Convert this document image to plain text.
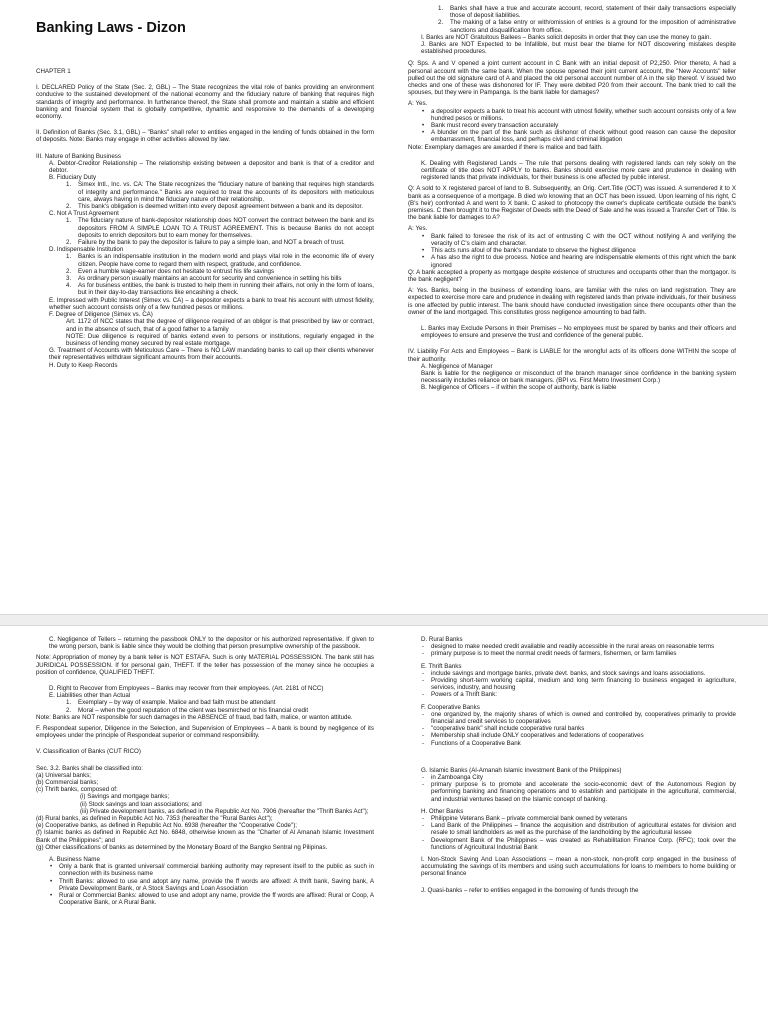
Banking Laws - Dizon

CHAPTER 1

I. DECLARED Policy of the State (Sec. 2, GBL) – The State recognizes the vital role of banks providing an environment conducive to the sustained development of the national economy and the fiduciary nature of banking that requires high standards of integrity and performance. In furtherance thereof, the State shall promote and maintain a stable and efficient banking and financial system that is globally competitive, dynamic and responsive to the demands of a developing economy.

II. Definition of Banks (Sec. 3.1, GBL) – "Banks" shall refer to entities engaged in the lending of funds obtained in the form of deposits. Note: Banks may engage in other activities allowed by law.

III. Nature of Banking Business
A. Debtor-Creditor Relationship – The relationship existing between a depositor and bank is that of a creditor and debtor.
B. Fiduciary Duty
1.	Simex Intl., Inc. vs. CA: The State recognizes the "fiduciary nature of banking that requires high standards of integrity and performance." Banks are required to treat the accounts of its depositors with meticulous care, always having in mind the fiduciary nature of their relationship.
2.	This bank's obligation is deemed written into every deposit agreement between a bank and its depositor.
C. Not A Trust Agreement
1.	The fiduciary nature of bank-depositor relationship does NOT convert the contract between the bank and its depositors FROM A SIMPLE LOAN TO A TRUST AGREEMENT. This is because Banks do not accept deposits to enrich depositors but to earn money for themselves.
2.	Failure by the bank to pay the depositor is failure to pay a simple loan, and NOT a breach of trust.
D. Indispensable Institution
1.	Banks is an indispensable institution in the modern world and plays vital role in the economic life of every citizen. People have come to regard them with respect, gratitude, and confidence.
2.	Even a humble wage-earner does not hesitate to entrust his life savings
3.	As ordinary person usually maintains an account for security and convenience in settling his bills
4.	As for business entities, the bank is trusted to help them in running their affairs, not only in the form of loans, but in their day-to-day transactions like encashing a check.
E. Impressed with Public Interest (Simex vs. CA) – a depositor expects a bank to treat his account with utmost fidelity, whether such account consists only of a few hundred pesos or millions.
F. Degree of Diligence (Simex vs. CA)
Art. 1172 of NCC states that the degree of diligence required of an obligor is that prescribed by law or contract, and in the absence of such, that of a good father to a family
NOTE: Due diligence is required of banks extend even to persons or institutions, regularly engaged in the business of lending money secured by real estate mortgage.
G. Treatment of Accounts with Meticulous Care – There is NO LAW mandating banks to call up their clients whenever their representatives withdraw significant amounts from their accounts.
H. Duty to Keep Records
1.	Banks shall have a true and accurate account, record, statement of their daily transactions especially those of deposit liabilities.
2.	The making of a false entry or with/omission of entries is a ground for the imposition of administrative sanctions and disqualification from office.
I. Banks are NOT Gratuitous Bailees – Banks solicit deposits in order that they can use the money to gain.
J. Banks are NOT Expected to be Infallible, but must bear the blame for NOT discovering mistakes despite established procedures.

Q: Sps. A and V opened a joint current account in C Bank with an initial deposit of P2,250. Prior thereto, A had a personal account with the same bank. When the spouse opened their joint current account, the "New Accounts" teller pulled out the old signature card of A and placed the old personal account number of A in the slip thereof. V issued two checks and one of these was dishonored for IF. They were debited P20 from their account. The bank tried to call the spouses, but they were in Pampanga. Is the bank liable for damages?

A: Yes.
•	a depositor expects a bank to treat his account with utmost fidelity, whether such account consists only of a few hundred pesos or millions.
•	Bank must record every transaction accurately
•	A blunder on the part of the bank such as dishonor of check without good reason can cause the depositor embarrassment, financial loss, and perhaps civil and criminal litigation

Note: Exemplary damages are awarded if there is malice and bad faith.

K. Dealing with Registered Lands – The rule that persons dealing with registered lands can rely solely on the certificate of title does NOT APPLY to banks. Banks should exercise more care and prudence in dealing with registered lands that private individuals, for their business is one affected by public interest.

Q: A sold to X registered parcel of land to B. Subsequently, an Orig. Cert.Title (OCT) was issued. A surrendered it to X bank as a consequence of a mortgage. B died w/o knowing that an OCT has been issued. Upon learning of his right, C (B's heir) confronted A and went to X bank. C asked to photocopy the owner's duplicate certificate outside the bank's premises. C then brought it to the Register of Deeds with the Deed of Sale and he was issued a Transfer Cert of Title. Is the bank liable for damages to A?

A: Yes.
•	Bank failed to foresee the risk of its act of entrusting C with the OCT without notifying A and verifying the veracity of C's claim and character.
•	This acts runs afoul of the bank's mandate to observe the highest diligence
•	A has also the right to due process. Notice and hearing are indispensable elements of this right which the bank ignored

Q: A bank accepted a property as mortgage despite existence of structures and occupants other than the mortgagor. Is the bank negligent?

A: Yes. Banks, being in the business of extending loans, are familiar with the rules on land registration. They are expected to exercise more care and prudence in dealing with registered lands than private individuals, for their business is one affected by public interest. The bank should have conducted investigation since there occupants other than the owner of the land mortgaged. This constitutes gross negligence amounting to bad faith.

L. Banks may Exclude Persons in their Premises – No employees must be spared by banks and their officers and employees to ensure and preserve the trust and confidence of the general public.

IV. Liability For Acts and Employees – Bank is LIABLE for the wrongful acts of its officers done WITHIN the scope of their authority.
A. Negligence of Manager
Bank is liable for the negligence or misconduct of the branch manager since confidence in the banking system necessarily includes reliance on bank managers. (BPI vs. First Metro Investment Corp.)
B. Negligence of Officers – if within the scope of authority, bank is liable

C. Negligence of Tellers – returning the passbook ONLY to the depositor or his authorized representative. If given to the wrong person, bank is liable since they would be clothing that person presumptive ownership of the passbook.

Note: Appropriation of money by a bank teller is NOT ESTAFA. Such is only MATERIAL POSSESSION. The bank still has JURIDICAL POSSESSION. If for personal gain, THEFT. If the teller has possession of the money since he occupies a position of confidence, QUALIFIED THEFT.

D. Right to Recover from Employees – Banks may recover from their employees. (Art. 2181 of NCC)
E. Liabilities other than Actual
1.	Exemplary – by way of example. Malice and bad faith must be attendant
2.	Moral – when the good reputation of the client was besmirched or his financial credit

Note: Banks are NOT responsible for such damages in the ABSENCE of fraud, bad faith, malice, or wanton attitude.

F. Respondeat superior, Diligence in the Selection, and Supervision of Employees – A bank is bound by negligence of its employees under the principle of Respondeat superior or command responsibility.

V. Classification of Banks (CUT RICO)

Sec. 3.2. Banks shall be classified into:
(a) Universal banks;
(b) Commercial banks;
(c) Thrift banks, composed of:
(i) Savings and mortgage banks;
(ii) Stock savings and loan associations; and
(iii) Private development banks, as defined in the Republic Act No. 7906 (hereafter the "Thrift Banks Act");
(d) Rural banks, as defined in Republic Act No. 7353 (hereafter the "Rural Banks Act");
(e) Cooperative banks, as defined in Republic Act No. 6938 (hereafter the "Cooperative Code");
(f) Islamic banks as defined in Republic Act No. 6848, otherwise known as the "Charter of Al Amanah Islamic Investment Bank of the Philippines"; and
(g) Other classifications of banks as determined by the Monetary Board of the Bangko Sentral ng Pilipinas.
A. Business Name
•	Only a bank that is granted universal/ commercial banking authority may represent itself to the public as such in connection with its business name
•	Thrift Banks: allowed to use and adopt any name, provide the ff words are affixed: A thrift bank, Saving bank, A Private Development Bank, or A Stock Savings and Loan Association
•	Rural or Commercial Banks: allowed to use and adopt any name, provide the ff words are affixed: Rural or Coop, A Cooperative Bank, or A Rural Bank.
D. Rural Banks
-	designed to make needed credit available and readily accessible in the rural areas on reasonable terms
-	primary purpose is to meet the normal credit needs of farmers, fishermen, or farm families
E. Thrift Banks
-	include savings and mortgage banks, private devt. banks, and stock savings and loans associations.
-	Providing short-term working capital, medium and long term financing to business engaged in agriculture, services, industry, and housing
-	Powers of a Thrift Bank:
F. Cooperative Banks
-	one organized by, the majority shares of which is owned and controlled by, cooperatives primarily to provide financial and credit services to cooperatives
-	"cooperative bank" shall include cooperative rural banks
-	Membership shall include ONLY cooperatives and federations of cooperatives
-	Functions of a Cooperative Bank
G. Islamic Banks (Al-Amanah Islamic Investment Bank of the Philippines)
-	in Zamboanga City
-	primary purpose is to promote and accelerate the socio-economic devt of the Autonomous Region by performing banking and financing operations and to establish and participate in the agricultural, commercial, and industrial ventures based on the Islamic concept of banking.
H. Other Banks
-	Philippine Veterans Bank – private commercial bank owned by veterans
-	Land Bank of the Philippines – finance the acquisition and distribution of agricultural estates for division and resale to small landholders as well as the purchase of the landholding by the agricultural lessee
-	Development Bank of the Philippines – was created as Rehabilitation Finance Corp. (RFC); took over the functions of Agricultural Industrial Bank

I. Non-Stock Saving And Loan Associations – mean a non-stock, non-profit corp engaged in the business of accumulating the savings of its members and using such accumulations for loans to members to home building or personal finance

J. Quasi-banks – refer to entities engaged in the borrowing of funds through the
